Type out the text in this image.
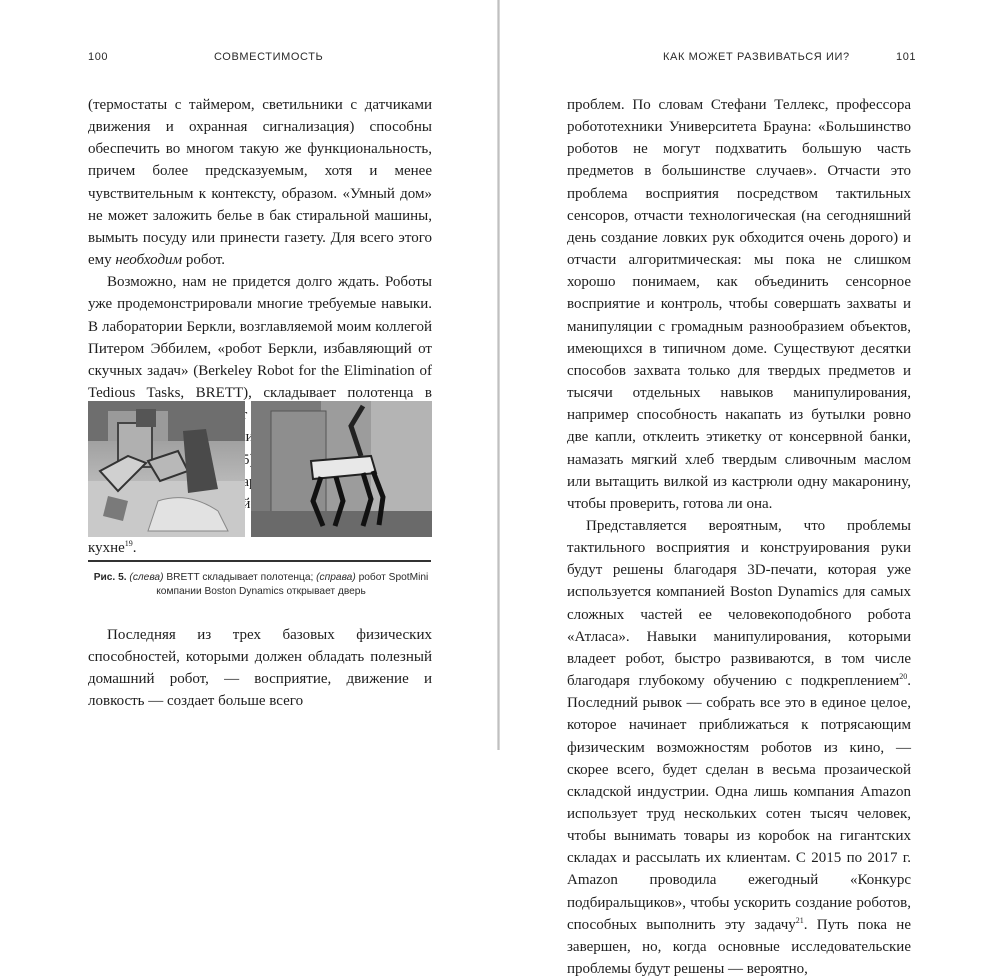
100	СОВМЕСТИМОСТЬ

(термостаты с таймером, светильники с датчиками движения и охранная сигнализация) способны обеспечить во многом такую же функциональность, причем более предсказуемым, хотя и менее чувствительным к контексту, образом. «Умный дом» не может заложить белье в бак стиральной машины, вымыть посуду или принести газету. Для всего этого ему необходим робот.

Возможно, нам не придется долго ждать. Роботы уже продемонстрировали многие требуемые навыки. В лаборатории Беркли, возглавляемой моим коллегой Питером Эббилем, «робот Беркли, избавляющий от скучных задач» (Berkeley Robot for the Elimination of Tedious Tasks, BRETT), складывает полотенца в 5). кухне$^{19}$.

Рис. 5. (слева) BRETT складывает полотенца; (справа) робот SpotMini компании Boston Dynamics открывает дверь

Последняя из трех базовых физических способностей, которыми должен обладать полезный домашний робот, — восприятие, движение и ловкость — создает больше всего

КАК МОЖЕТ РАЗВИВАТЬСЯ ИИ?	101

проблем. По словам Стефани Теллекс, профессора робототехники Университета Брауна: «Большинство роботов не могут подхватить большую часть предметов в большинстве случаев». Отчасти это проблема восприятия посредством тактильных сенсоров, отчасти технологическая (на сегодняшний день создание ловких рук обходится очень дорого) и отчасти алгоритмическая: мы пока не слишком хорошо понимаем, как объединить сенсорное восприятие и контроль, чтобы совершать захваты и манипуляции с громадным разнообразием объектов, имеющихся в типичном доме. Существуют десятки способов захвата только для твердых предметов и тысячи отдельных навыков манипулирования, например способность накапать из бутылки ровно две капли, отклеить этикетку от консервной банки, намазать мягкий хлеб твердым сливочным маслом или вытащить вилкой из кастрюли одну макаронину, чтобы проверить, готова ли она.

Представляется вероятным, что проблемы тактильного восприятия и конструирования руки будут решены благодаря 3D-печати, которая уже используется компанией Boston Dynamics для самых сложных частей ее человекоподобного робота «Атласа». Навыки манипулирования, которыми владеет робот, быстро развиваются, в том числе благодаря глубокому обучению с подкреплением$^{20}$. Последний рывок — собрать все это в единое целое, которое начинает приближаться к потрясающим физическим возможностям роботов из кино, — скорее всего, будет сделан в весьма прозаической складской индустрии. Одна лишь компания Amazon использует труд нескольких сотен тысяч человек, чтобы вынимать товары из коробок на гигантских складах и рассылать их клиентам. С 2015 по 2017 г. Amazon проводила ежегодный «Конкурс подбиральщиков», чтобы ускорить создание роботов, способных выполнить эту задачу$^{21}$. Путь пока не завершен, но, когда основные исследовательские проблемы будут решены — вероятно,
